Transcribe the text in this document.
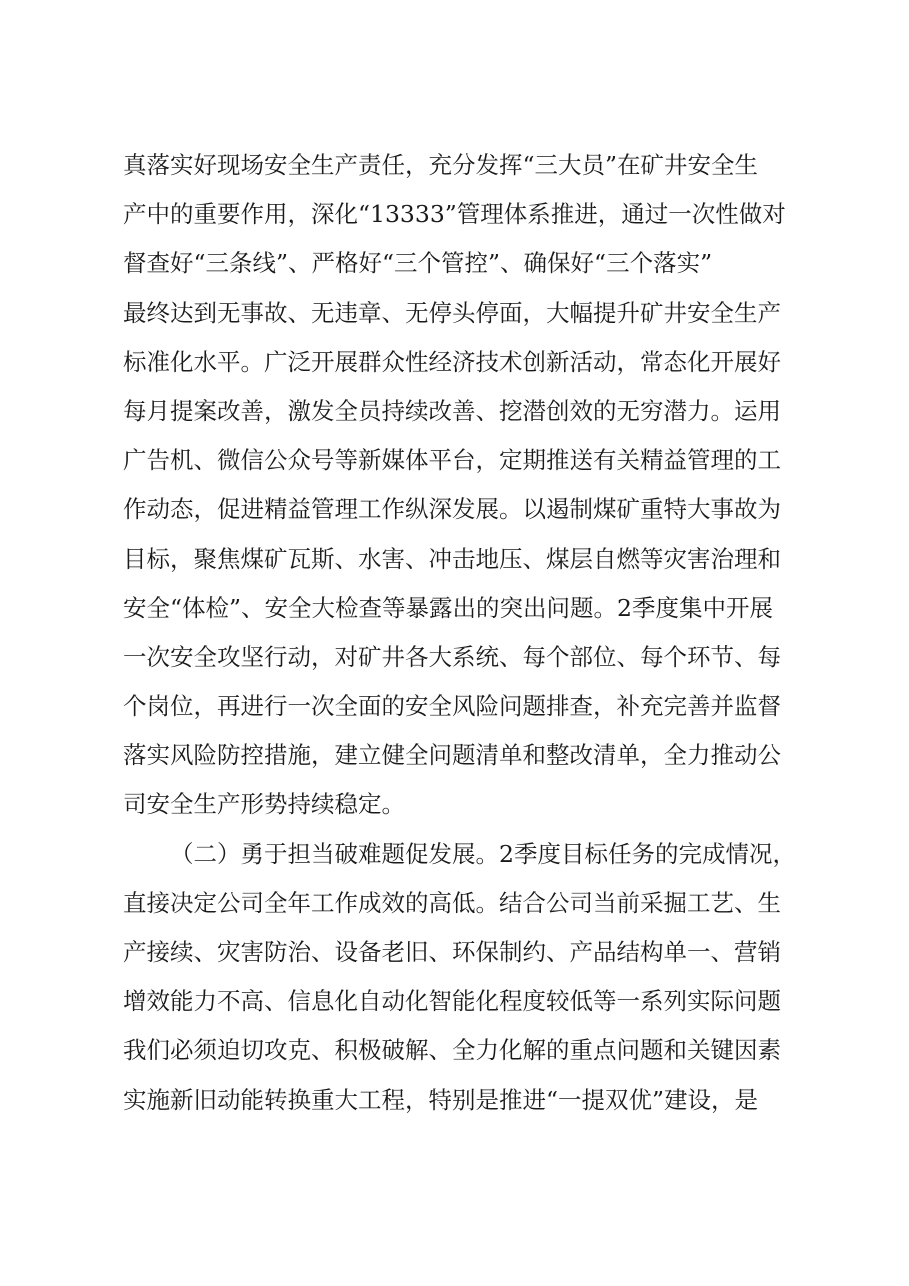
真落实好现场安全生产责任，充分发挥“三大员”在矿井安全生
产中的重要作用，深化“13333”管理体系推进，通过一次性做对
督查好“三条线”、严格好“三个管控”、确保好“三个落实”
最终达到无事故、无违章、无停头停面，大幅提升矿井安全生产
标准化水平。广泛开展群众性经济技术创新活动，常态化开展好
每月提案改善，激发全员持续改善、挖潜创效的无穷潜力。运用
广告机、微信公众号等新媒体平台，定期推送有关精益管理的工
作动态，促进精益管理工作纵深发展。以遏制煤矿重特大事故为
目标，聚焦煤矿瓦斯、水害、冲击地压、煤层自燃等灾害治理和
安全“体检”、安全大检查等暴露出的突出问题。2季度集中开展
一次安全攻坚行动，对矿井各大系统、每个部位、每个环节、每
个岗位，再进行一次全面的安全风险问题排查，补充完善并监督
落实风险防控措施，建立健全问题清单和整改清单，全力推动公
司安全生产形势持续稳定。
（二）勇于担当破难题促发展。2季度目标任务的完成情况，
直接决定公司全年工作成效的高低。结合公司当前采掘工艺、生
产接续、灾害防治、设备老旧、环保制约、产品结构单一、营销
增效能力不高、信息化自动化智能化程度较低等一系列实际问题
我们必须迫切攻克、积极破解、全力化解的重点问题和关键因素
实施新旧动能转换重大工程，特别是推进“一提双优”建设，是
